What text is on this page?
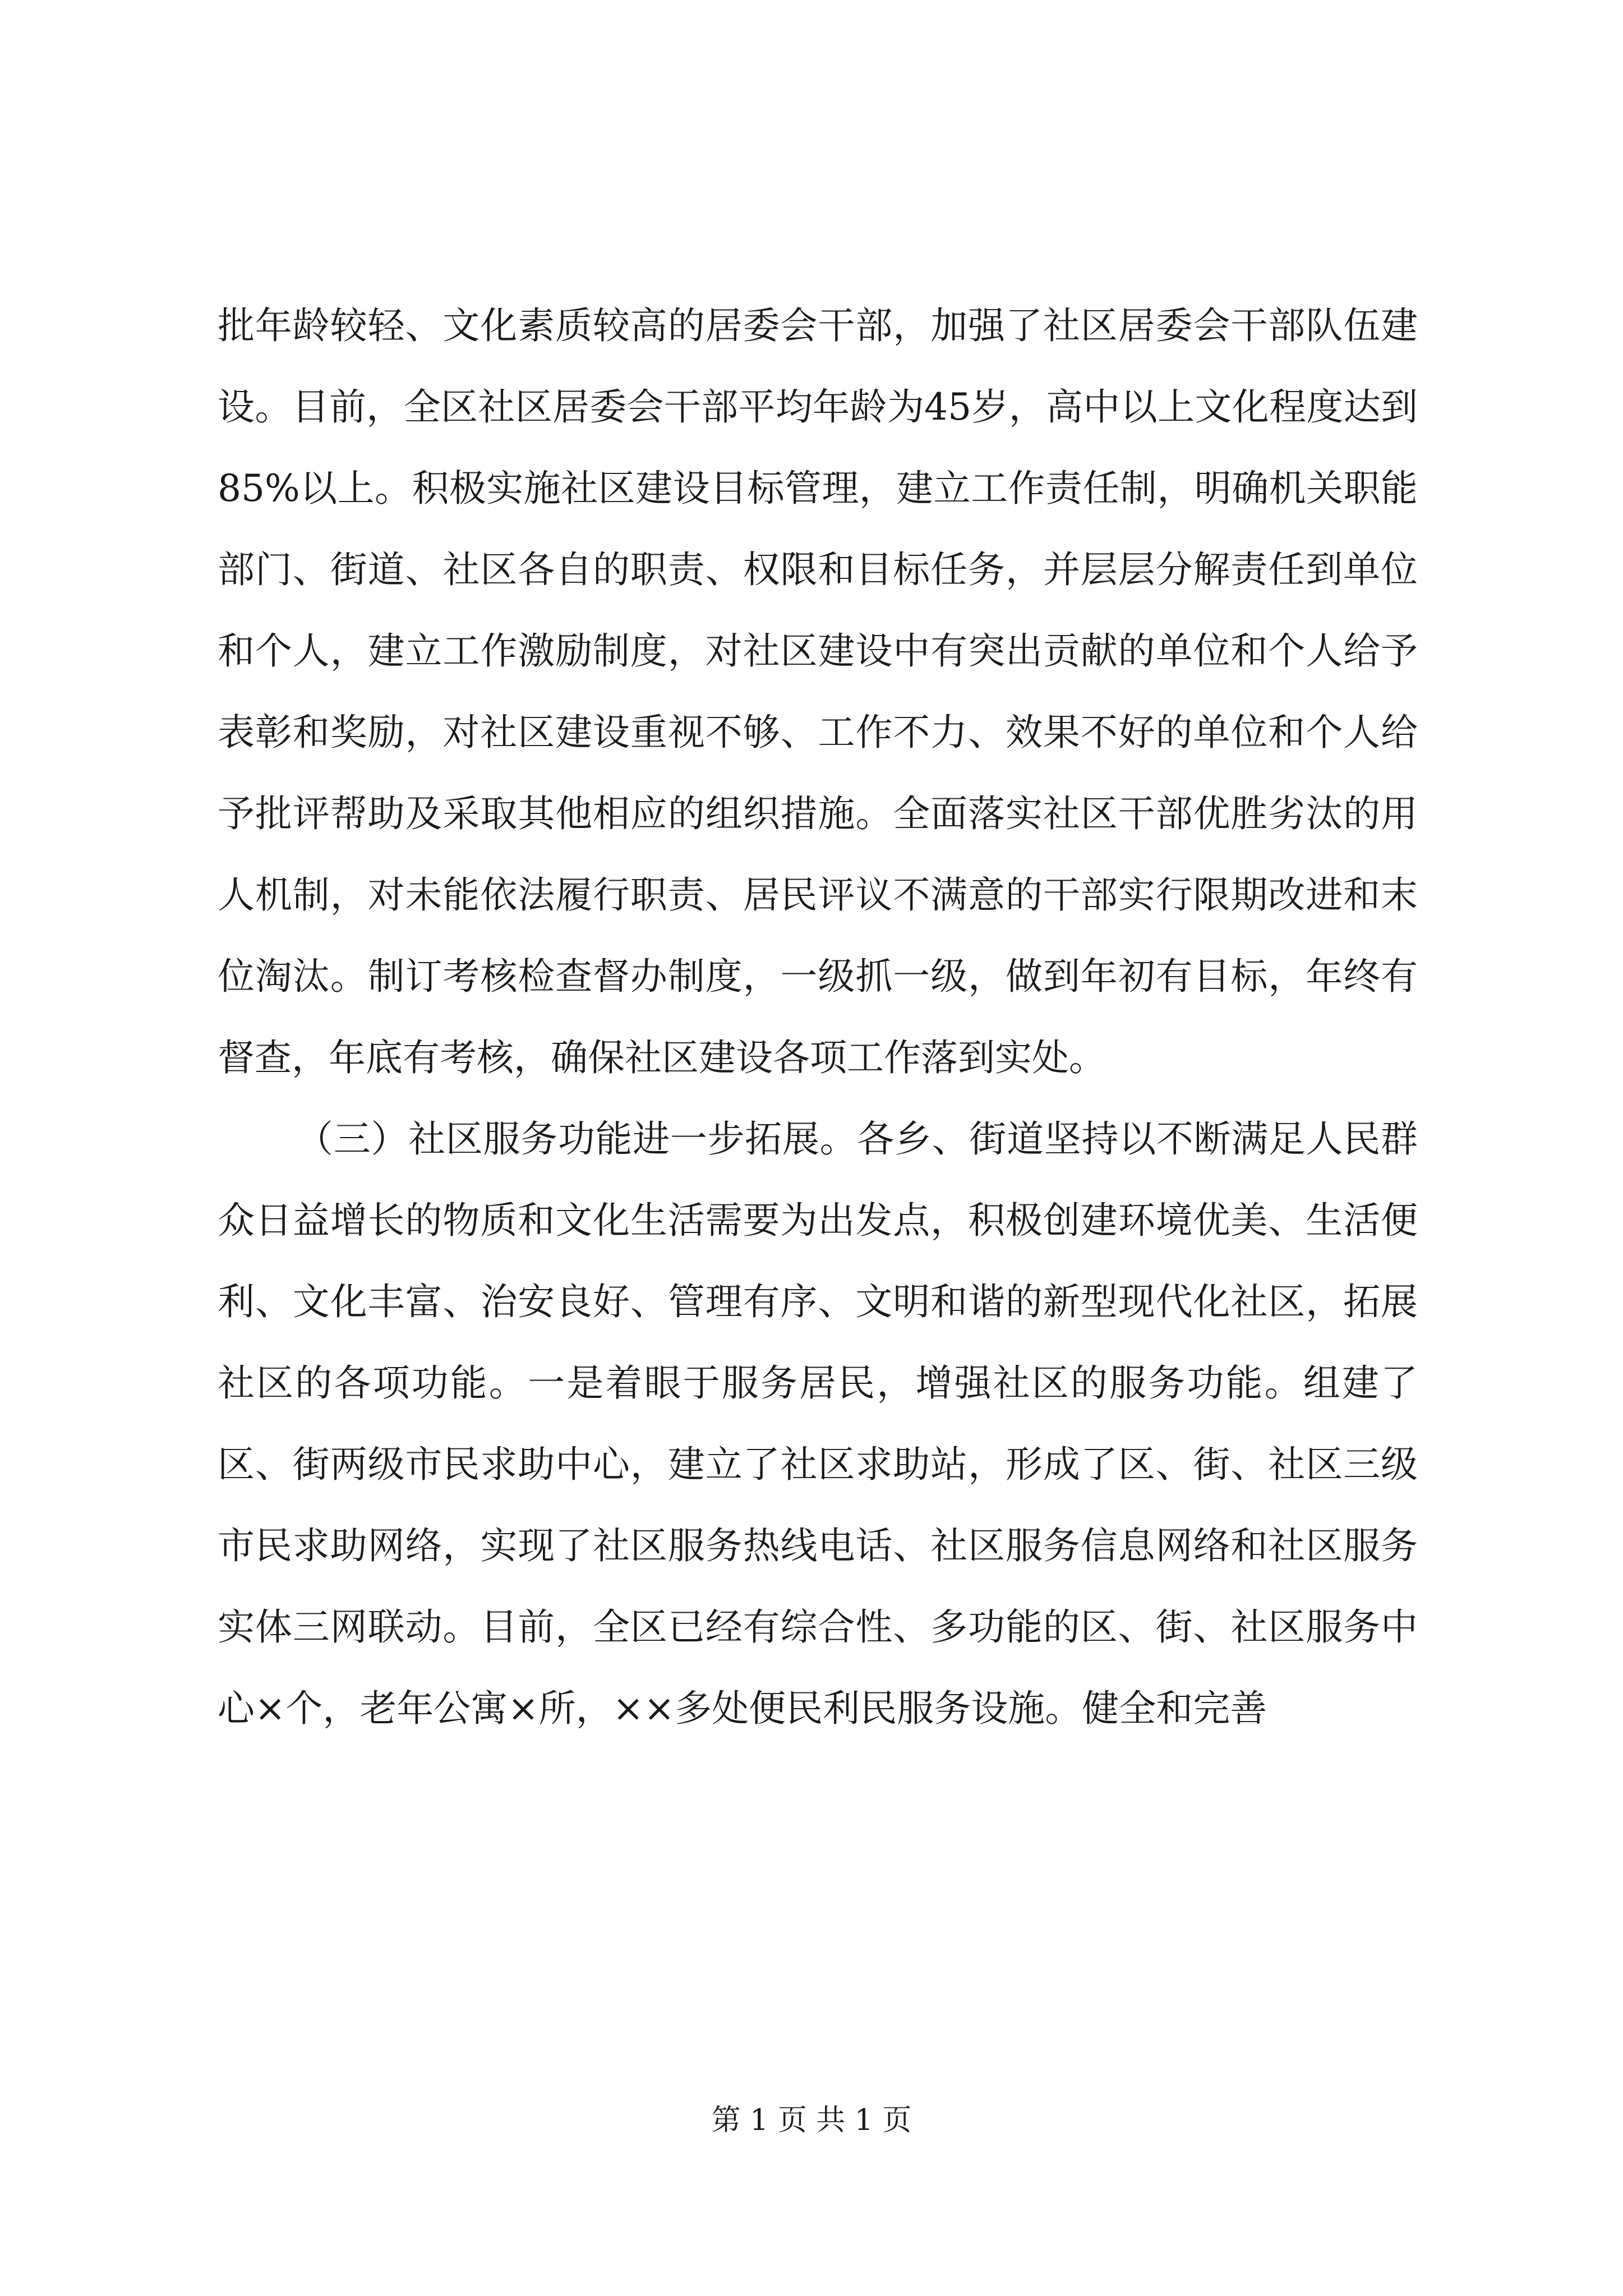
批年龄较轻、文化素质较高的居委会干部，加强了社区居委会干部队伍建设。目前，全区社区居委会干部平均年龄为45岁，高中以上文化程度达到85%以上。积极实施社区建设目标管理，建立工作责任制，明确机关职能部门、街道、社区各自的职责、权限和目标任务，并层层分解责任到单位和个人，建立工作激励制度，对社区建设中有突出贡献的单位和个人给予表彰和奖励，对社区建设重视不够、工作不力、效果不好的单位和个人给予批评帮助及采取其他相应的组织措施。全面落实社区干部优胜劣汰的用人机制，对未能依法履行职责、居民评议不满意的干部实行限期改进和末位淘汰。制订考核检查督办制度，一级抓一级，做到年初有目标，年终有督查，年底有考核，确保社区建设各项工作落到实处。

（三）社区服务功能进一步拓展。各乡、街道坚持以不断满足人民群众日益增长的物质和文化生活需要为出发点，积极创建环境优美、生活便利、文化丰富、治安良好、管理有序、文明和谐的新型现代化社区，拓展社区的各项功能。一是着眼于服务居民，增强社区的服务功能。组建了区、街两级市民求助中心，建立了社区求助站，形成了区、街、社区三级市民求助网络，实现了社区服务热线电话、社区服务信息网络和社区服务实体三网联动。目前，全区已经有综合性、多功能的区、街、社区服务中心×个，老年公寓×所，××多处便民利民服务设施。健全和完善

第 1 页 共 1 页
